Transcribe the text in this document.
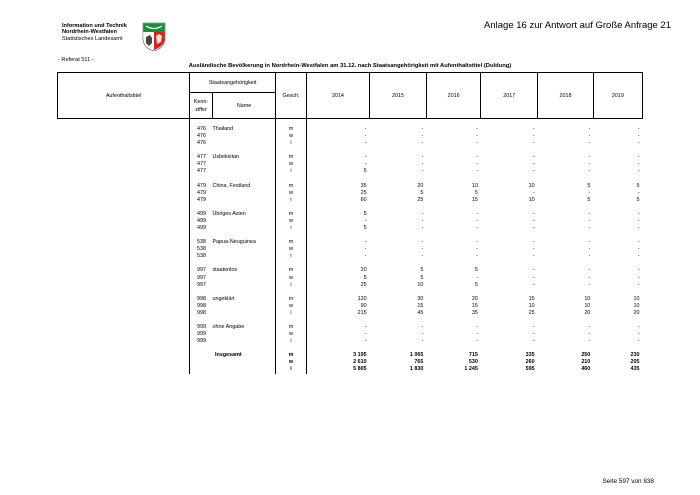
Information und Technik
Nordrhein-Westfalen
Statistisches Landesamt
Anlage 16 zur Antwort auf Große Anfrage 21
- Referat 511 -
Ausländische Bevölkerung in Nordrhein-Westfalen am 31.12. nach Staatsangehörigkeit mit Aufenthaltstitel (Duldung)
Aufenthaltstitel	Staatsangehörigkeit		Gesch.	2014	2015	2016	2017	2018	2019
	Kenn-
ziffer	Name							

	476	Thailand	m	-	-	-	-	-	-
	476		w	-	-	-	-	-	-
	476		i	-	-	-	-	-	-

	477	Usbekistan	m	-	-	-	-	-	-
	477		w	-	-	-	-	-	-
	477		i	5	-	-	-	-	-

	479	China, Festland	m	35	20	10	10	5	5
	479		w	25	5	5	-	-	-
	479		i	60	25	15	10	5	5

	499	Übriges Asien	m	5	-	-	-	-	-
	499		w	-	-	-	-	-	-
	499		i	5	-	-	-	-	-

	538	Papua-Neuguinea	m	-	-	-	-	-	-
	538		w	-	-	-	-	-	-
	538		i	-	-	-	-	-	-

	997	staatenlos	m	20	5	5	-	-	-
	997		w	5	5	-	-	-	-
	997		i	25	10	5	-	-	-

	998	ungeklärt	m	120	30	20	15	10	10
	998		w	90	15	15	10	10	10
	998		i	215	45	35	25	20	20

	999	ohne Angabe	m	-	-	-	-	-	-
	999		w	-	-	-	-	-	-
	999		i	-	-	-	-	-	-

	Insgesamt		m	3 195	1 065	715	335	250	230
			w	2 610	765	530	260	210	205
			i	5 805	1 830	1 245	595	460	435
Seite 597 von 838
